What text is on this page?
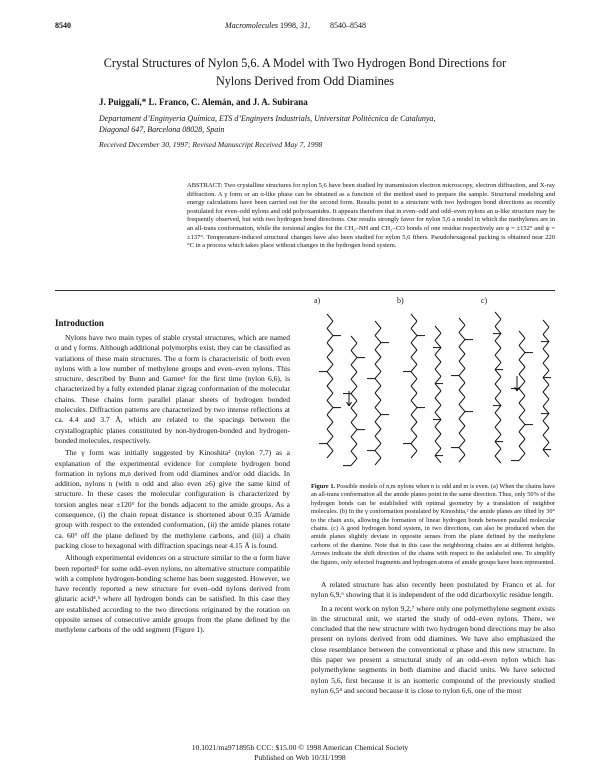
8540	Macromolecules 1998, 31, 8540–8548
Crystal Structures of Nylon 5,6. A Model with Two Hydrogen Bond Directions for Nylons Derived from Odd Diamines
J. Puiggalí,* L. Franco, C. Alemán, and J. A. Subirana
Departament d’Enginyeria Química, ETS d’Enginyers Industrials, Universitat Politècnica de Catalunya, Diagonal 647, Barcelona 08028, Spain
Received December 30, 1997; Revised Manuscript Received May 7, 1998
ABSTRACT: Two crystalline structures for nylon 5,6 have been studied by transmission electron microscopy, electron diffraction, and X-ray diffraction. A γ form or an α-like phase can be obtained as a function of the method used to prepare the sample. Structural modeling and energy calculations have been carried out for the second form. Results point to a structure with two hydrogen bond directions as recently postulated for even–odd nylons and odd polyoxamides. It appears therefore that in even–odd and odd–even nylons an α-like structure may be frequently observed, but with two hydrogen bond directions. Our results strongly favor for nylon 5,6 a model in which the methylenes are in an all-trans conformation, while the torsional angles for the CH₂–NH and CH₂–CO bonds of one residue respectively are φ = ±152° and ψ = ±137°. Temperature-induced structural changes have also been studied for nylon 5,6 fibers. Pseudohexagonal packing is obtained near 220 °C in a process which takes place without changes in the hydrogen bond system.
Introduction

Nylons have two main types of stable crystal structures, which are named α and γ forms. Although additional polymorphs exist, they can be classified as variations of these main structures. The α form is characteristic of both even nylons with a low number of methylene groups and even–even nylons. This structure, described by Bunn and Garner¹ for the first time (nylon 6,6), is characterized by a fully extended planar zigzag conformation of the molecular chains. These chains form parallel planar sheets of hydrogen bonded molecules. Diffraction patterns are characterized by two intense reflections at ca. 4.4 and 3.7 Å, which are related to the spacings between the crystallographic planes constituted by non-hydrogen-bonded and hydrogen-bonded molecules, respectively.

The γ form was initially suggested by Kinoshita² (nylon 7,7) as a explanation of the experimental evidence for complete hydrogen bond formation in nylons m,n derived from odd diamines and/or odd diacids. In addition, nylons n (with n odd and also even ≥6) give the same kind of structure. In these cases the molecular configuration is characterized by torsion angles near ±120° for the bonds adjacent to the amide groups. As a consequence, (i) the chain repeat distance is shortened about 0.35 Å/amide group with respect to the extended conformation, (ii) the amide planes rotate ca. 60° off the plane defined by the methylene carbons, and (iii) a chain packing close to hexagonal with diffraction spacings near 4.15 Å is found.

Although experimental evidences on a structure similar to the α form have been reported³ for some odd–even nylons, no alternative structure compatible with a complete hydrogen-bonding scheme has been suggested. However, we have recently reported a new structure for even–odd nylons derived from glutaric acid⁴,⁵ where all hydrogen bonds can be satisfied. In this case they are established according to the two directions originated by the rotation on opposite senses of consecutive amide groups from the plane defined by the methylene carbons of the odd segment (Figure 1).

a)	b)	c)
Figure 1. Possible models of n,m nylons when n is odd and m is even. (a) When the chains have an all-trans conformation all the amide planes point in the same direction. Thus, only 50% of the hydrogen bonds can be established with optimal geometry by a translation of neighbor molecules. (b) In the γ conformation postulated by Kinoshita,² the amide planes are tilted by 30° to the chain axis, allowing the formation of linear hydrogen bonds between parallel molecular chains. (c) A good hydrogen bond system, in two directions, can also be produced when the amide planes slightly deviate in opposite senses from the plane defined by the methylene carbons of the diamine. Note that in this case the neighboring chains are at different heights. Arrows indicate the shift direction of the chains with respect to the unlabeled one. To simplify the figures, only selected fragments and hydrogen atoms of amide groups have been represented.

A related structure has also recently been postulated by Franco et al. for nylon 6,9,⁶ showing that it is independent of the odd dicarboxylic residue length.

In a recent work on nylon 9,2,⁷ where only one polymethylene segment exists in the structural unit, we started the study of odd–even nylons. There, we concluded that the new structure with two hydrogen bond directions may be also present on nylons derived from odd diamines. We have also emphasized the close resemblance between the conventional α phase and this new structure. In this paper we present a structural study of an odd–even nylon which has polymethylene segments in both diamine and diacid units. We have selected nylon 5,6, first because it is an isomeric compound of the previously studied nylon 6,5⁴ and second because it is close to nylon 6,6, one of the most

10.1021/ma971895b CCC: $15.00 © 1998 American Chemical Society
Published on Web 10/31/1998
